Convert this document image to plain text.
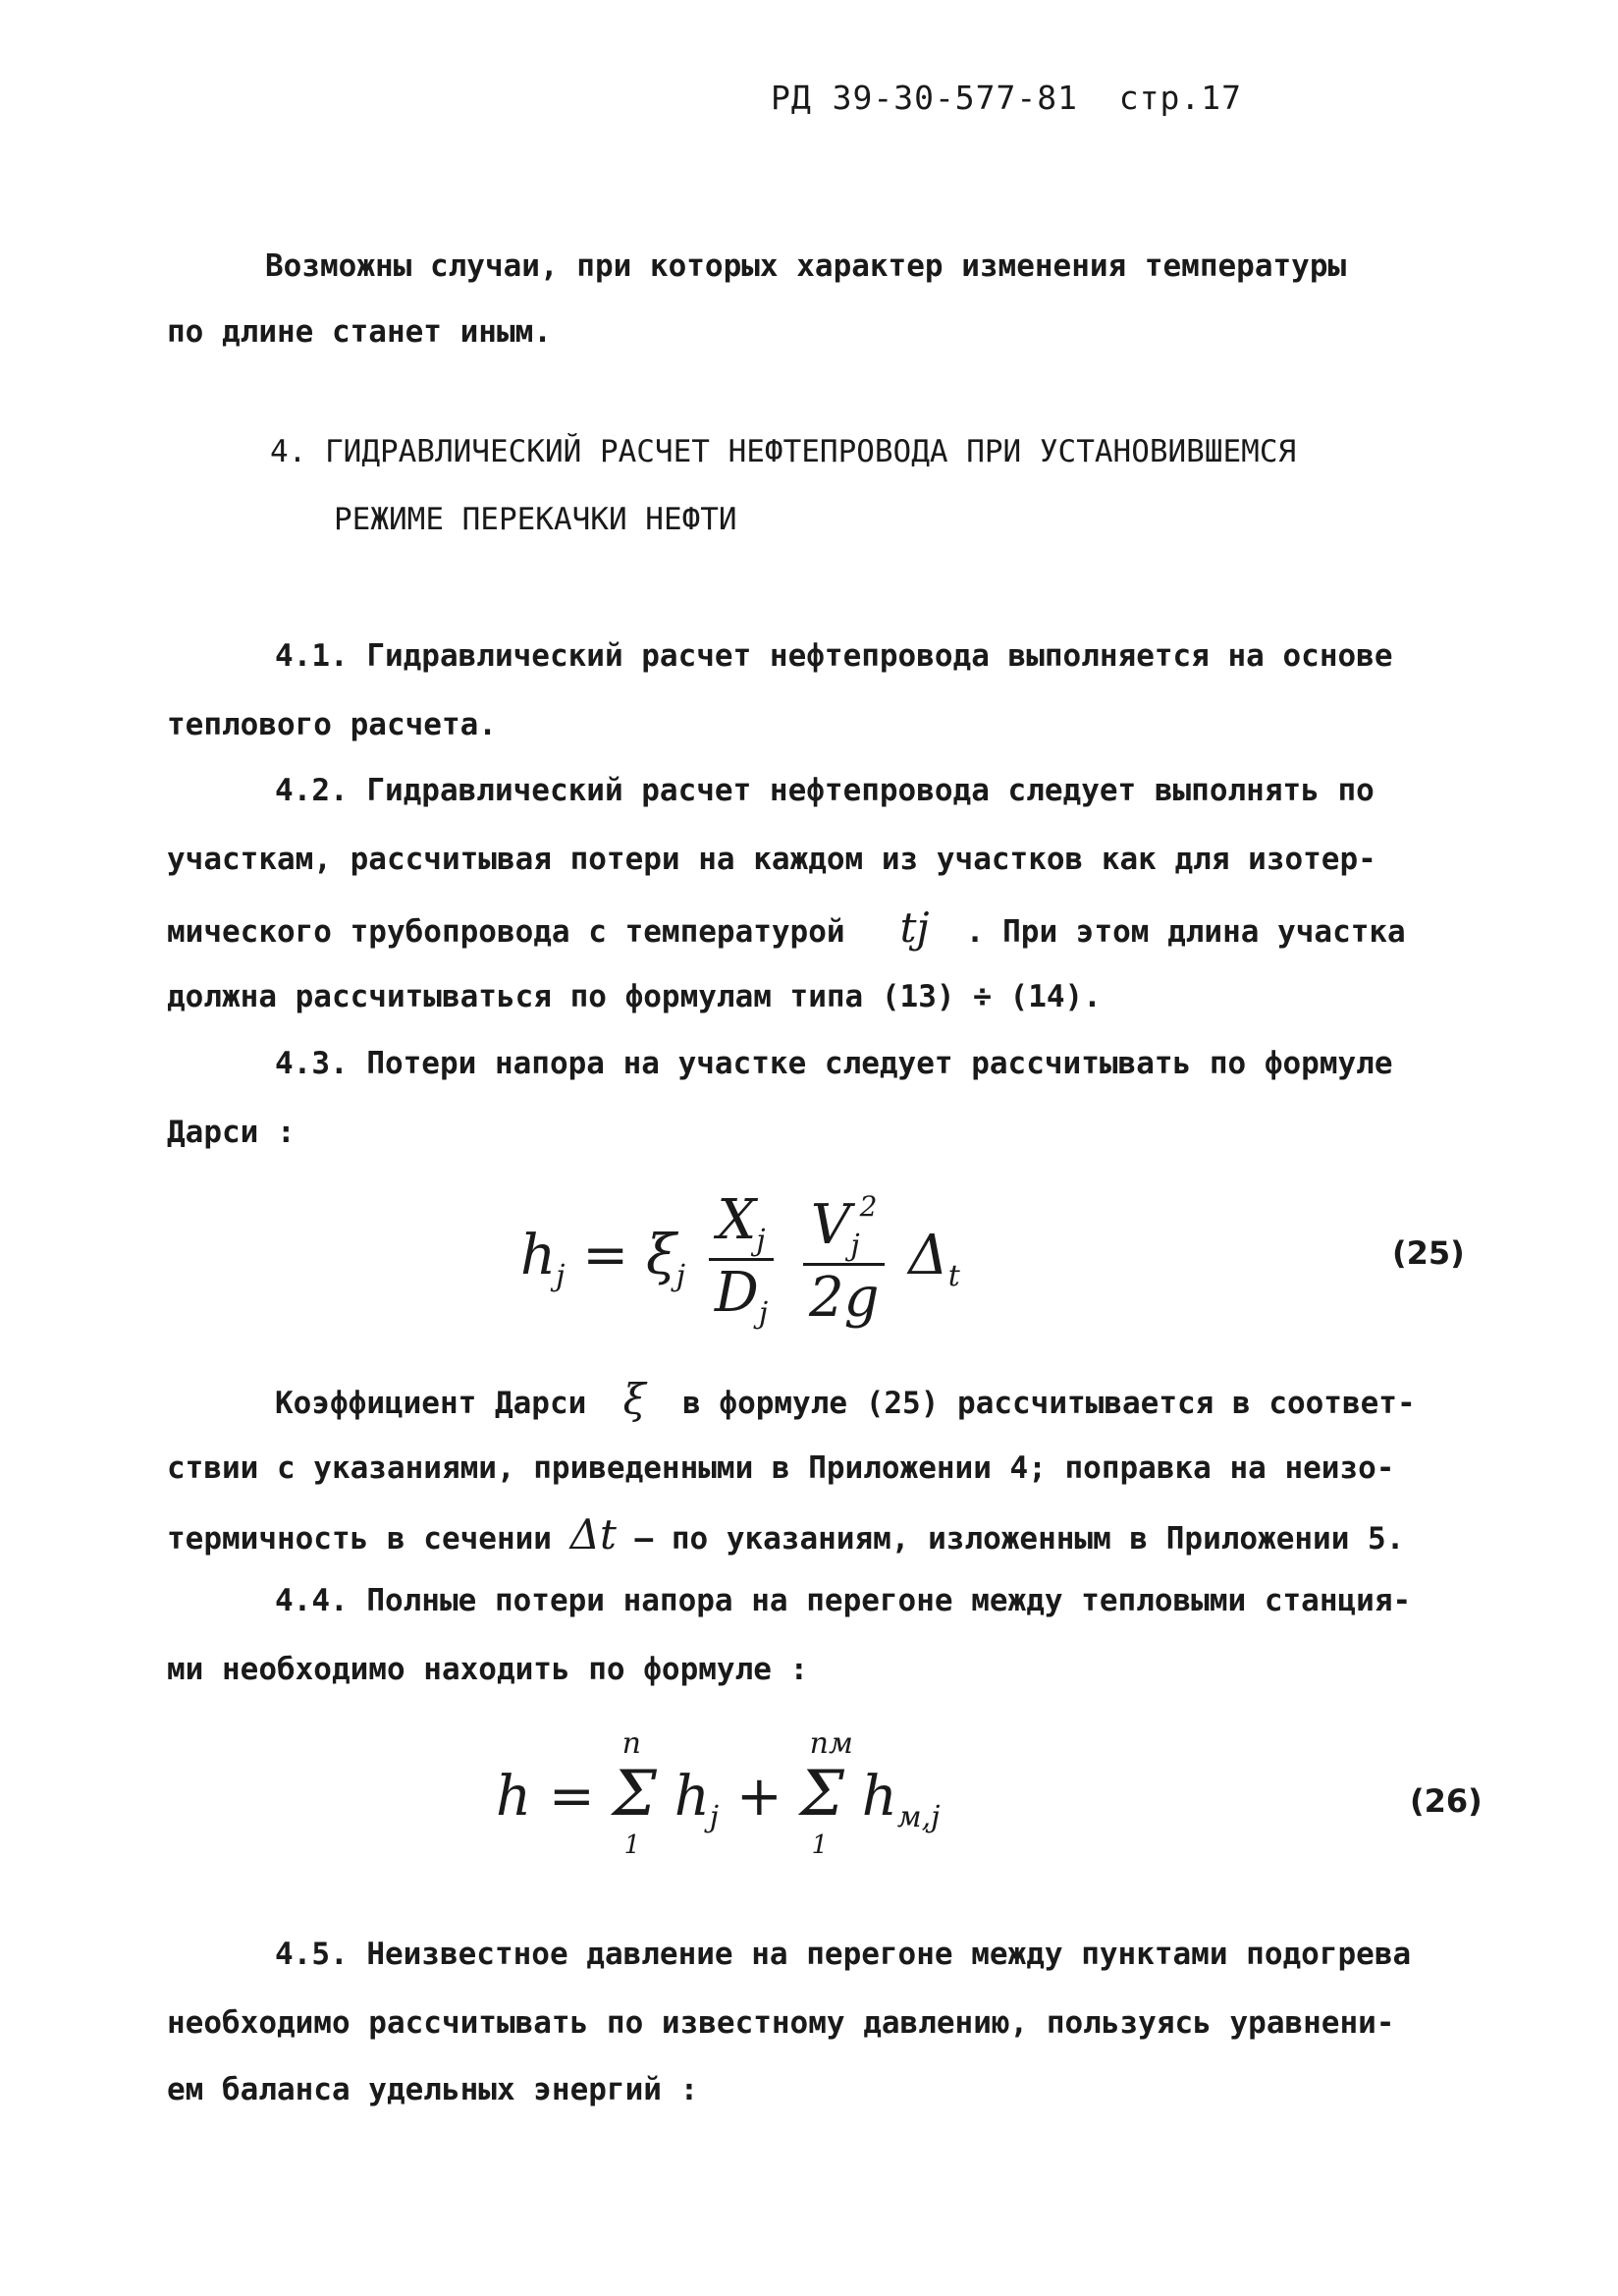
РД 39-30-577-81 стр.17
Возможны случаи, при которых характер изменения температуры
по длине станет иным.
4. ГИДРАВЛИЧЕСКИЙ РАСЧЕТ НЕФТЕПРОВОДА ПРИ УСТАНОВИВШЕМСЯ
РЕЖИМЕ ПЕРЕКАЧКИ НЕФТИ
4.1. Гидравлический расчет нефтепровода выполняется на основе
теплового расчета.
4.2. Гидравлический расчет нефтепровода следует выполнять по
участкам, рассчитывая потери на каждом из участков как для изотер-
мического трубопровода с температурой tj . При этом длина участка
должна рассчитываться по формулам типа (13) ÷ (14).
4.3. Потери напора на участке следует рассчитывать по формуле
Дарси :
$h_j = \xi_j \frac{X_j}{D_j}$
$\frac{V_j^2}{2g} \Delta_t$
(25)
Коэффициент Дарси ξ в формуле (25) рассчитывается в соответ-
ствии с указаниями, приведенными в Приложении 4; поправка на неизо-
термичность в сечении Δt – по указаниям, изложенным в Приложении 5.
4.4. Полные потери напора на перегоне между тепловыми станция-
ми необходимо находить по формуле :
h = Σ
n
1
$h_j + \Sigma$
nм
1
$h_{м,j}$	(26)
4.5. Неизвестное давление на перегоне между пунктами подогрева
необходимо рассчитывать по известному давлению, пользуясь уравнени-
ем баланса удельных энергий :
